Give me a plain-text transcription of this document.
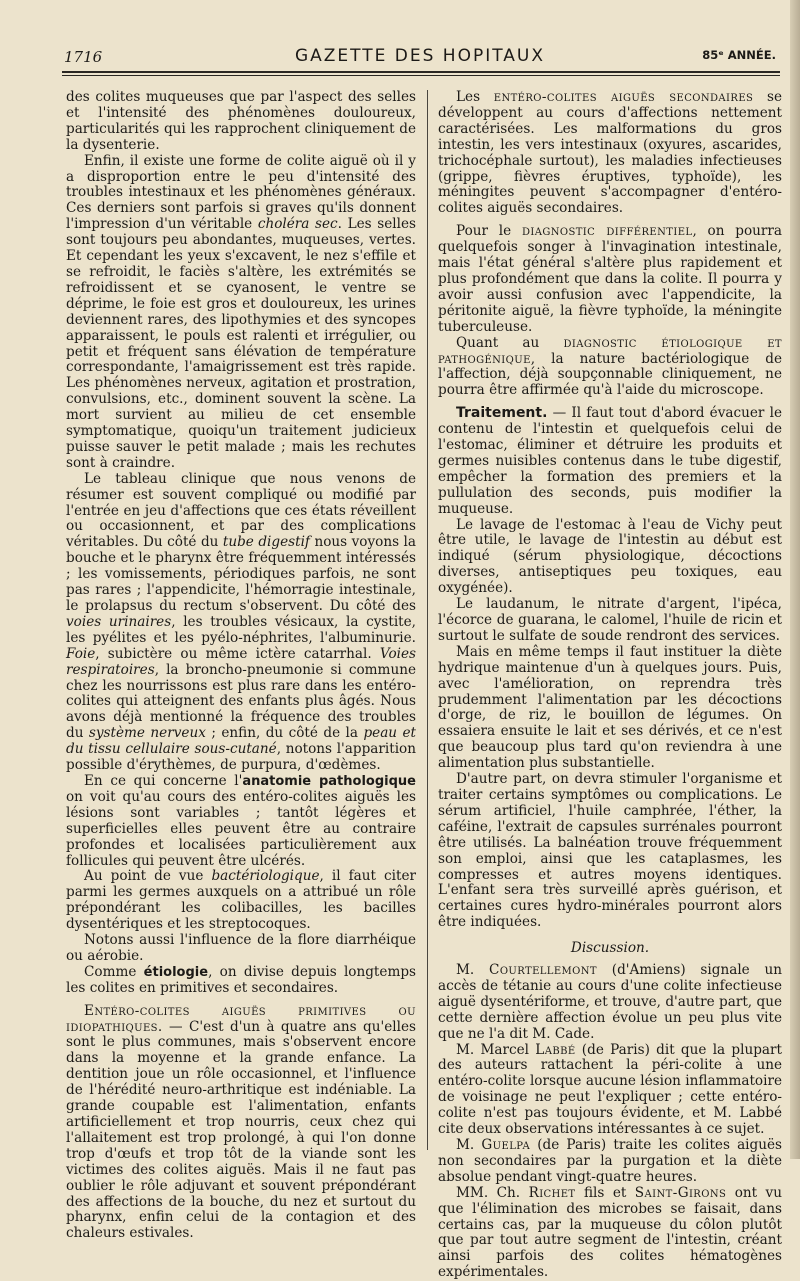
1716	GAZETTE DES HOPITAUX	85ᵉ ANNÉE.

des colites muqueuses que par l'aspect des selles et l'intensité des phénomènes douloureux, particularités qui les rapprochent cliniquement de la dysenterie.

Enfin, il existe une forme de colite aiguë où il y a disproportion entre le peu d'intensité des troubles intestinaux et les phénomènes généraux. Ces derniers sont parfois si graves qu'ils donnent l'impression d'un véritable choléra sec. Les selles sont toujours peu abondantes, muqueuses, vertes. Et cependant les yeux s'excavent, le nez s'effile et se refroidit, le faciès s'altère, les extrémités se refroidissent et se cyanosent, le ventre se déprime, le foie est gros et douloureux, les urines deviennent rares, des lipothymies et des syncopes apparaissent, le pouls est ralenti et irrégulier, ou petit et fréquent sans élévation de température correspondante, l'amaigrissement est très rapide. Les phénomènes nerveux, agitation et prostration, convulsions, etc., dominent souvent la scène. La mort survient au milieu de cet ensemble symptomatique, quoiqu'un traitement judicieux puisse sauver le petit malade ; mais les rechutes sont à craindre.

Le tableau clinique que nous venons de résumer est souvent compliqué ou modifié par l'entrée en jeu d'affections que ces états réveillent ou occasionnent, et par des complications véritables. Du côté du tube digestif nous voyons la bouche et le pharynx être fréquemment intéressés ; les vomissements, périodiques parfois, ne sont pas rares ; l'appendicite, l'hémorragie intestinale, le prolapsus du rectum s'observent. Du côté des voies urinaires, les troubles vésicaux, la cystite, les pyélites et les pyélo-néphrites, l'albuminurie. Foie, subictère ou même ictère catarrhal. Voies respiratoires, la broncho-pneumonie si commune chez les nourrissons est plus rare dans les entéro-colites qui atteignent des enfants plus âgés. Nous avons déjà mentionné la fréquence des troubles du système nerveux ; enfin, du côté de la peau et du tissu cellulaire sous-cutané, notons l'apparition possible d'érythèmes, de purpura, d'œdèmes.

En ce qui concerne l'anatomie pathologique on voit qu'au cours des entéro-colites aiguës les lésions sont variables ; tantôt légères et superficielles elles peuvent être au contraire profondes et localisées particulièrement aux follicules qui peuvent être ulcérés.

Au point de vue bactériologique, il faut citer parmi les germes auxquels on a attribué un rôle prépondérant les colibacilles, les bacilles dysentériques et les streptocoques.

Notons aussi l'influence de la flore diarrhéique ou aérobie.

Comme étiologie, on divise depuis longtemps les colites en primitives et secondaires.

Entéro-colites aiguës primitives ou idiopathiques. — C'est d'un à quatre ans qu'elles sont le plus communes, mais s'observent encore dans la moyenne et la grande enfance. La dentition joue un rôle occasionnel, et l'influence de l'hérédité neuro-arthritique est indéniable. La grande coupable est l'alimentation, enfants artificiellement et trop nourris, ceux chez qui l'allaitement est trop prolongé, à qui l'on donne trop d'œufs et trop tôt de la viande sont les victimes des colites aiguës. Mais il ne faut pas oublier le rôle adjuvant et souvent prépondérant des affections de la bouche, du nez et surtout du pharynx, enfin celui de la contagion et des chaleurs estivales.

Les entéro-colites aiguës secondaires se développent au cours d'affections nettement caractérisées. Les malformations du gros intestin, les vers intestinaux (oxyures, ascarides, trichocéphale surtout), les maladies infectieuses (grippe, fièvres éruptives, typhoïde), les méningites peuvent s'accompagner d'entéro-colites aiguës secondaires.

Pour le diagnostic différentiel, on pourra quelquefois songer à l'invagination intestinale, mais l'état général s'altère plus rapidement et plus profondément que dans la colite. Il pourra y avoir aussi confusion avec l'appendicite, la péritonite aiguë, la fièvre typhoïde, la méningite tuberculeuse.

Quant au diagnostic étiologique et pathogénique, la nature bactériologique de l'affection, déjà soupçonnable cliniquement, ne pourra être affirmée qu'à l'aide du microscope.

Traitement. — Il faut tout d'abord évacuer le contenu de l'intestin et quelquefois celui de l'estomac, éliminer et détruire les produits et germes nuisibles contenus dans le tube digestif, empêcher la formation des premiers et la pullulation des seconds, puis modifier la muqueuse.

Le lavage de l'estomac à l'eau de Vichy peut être utile, le lavage de l'intestin au début est indiqué (sérum physiologique, décoctions diverses, antiseptiques peu toxiques, eau oxygénée).

Le laudanum, le nitrate d'argent, l'ipéca, l'écorce de guarana, le calomel, l'huile de ricin et surtout le sulfate de soude rendront des services.

Mais en même temps il faut instituer la diète hydrique maintenue d'un à quelques jours. Puis, avec l'amélioration, on reprendra très prudemment l'alimentation par les décoctions d'orge, de riz, le bouillon de légumes. On essaiera ensuite le lait et ses dérivés, et ce n'est que beaucoup plus tard qu'on reviendra à une alimentation plus substantielle.

D'autre part, on devra stimuler l'organisme et traiter certains symptômes ou complications. Le sérum artificiel, l'huile camphrée, l'éther, la caféine, l'extrait de capsules surrénales pourront être utilisés. La balnéation trouve fréquemment son emploi, ainsi que les cataplasmes, les compresses et autres moyens identiques. L'enfant sera très surveillé après guérison, et certaines cures hydro-minérales pourront alors être indiquées.

Discussion.

M. Courtellemont (d'Amiens) signale un accès de tétanie au cours d'une colite infectieuse aiguë dysentériforme, et trouve, d'autre part, que cette dernière affection évolue un peu plus vite que ne l'a dit M. Cade.

M. Marcel Labbé (de Paris) dit que la plupart des auteurs rattachent la péri-colite à une entéro-colite lorsque aucune lésion inflammatoire de voisinage ne peut l'expliquer ; cette entéro-colite n'est pas toujours évidente, et M. Labbé cite deux observations intéressantes à ce sujet.

M. Guelpa (de Paris) traite les colites aiguës non secondaires par la purgation et la diète absolue pendant vingt-quatre heures.

MM. Ch. Richet fils et Saint-Girons ont vu que l'élimination des microbes se faisait, dans certains cas, par la muqueuse du côlon plutôt que par tout autre segment de l'intestin, créant ainsi parfois des colites hématogènes expérimentales.
